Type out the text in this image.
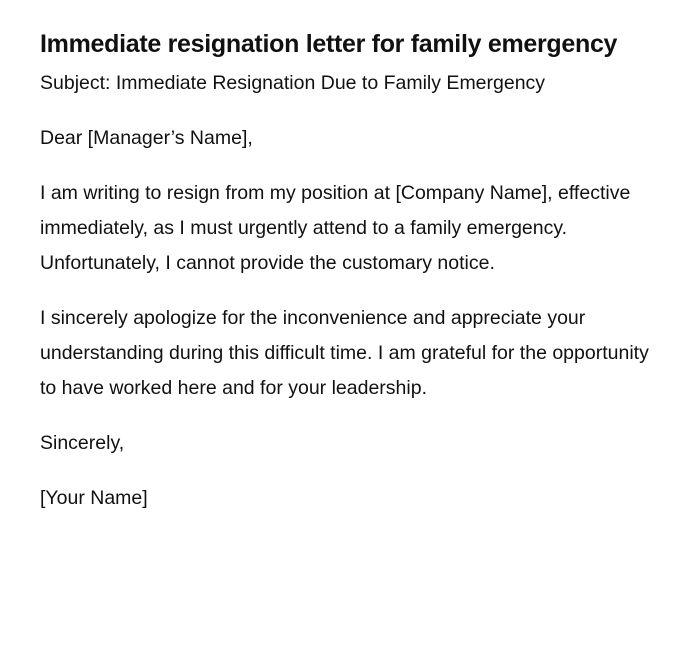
Immediate resignation letter for family emergency

Subject: Immediate Resignation Due to Family Emergency

Dear [Manager’s Name],

I am writing to resign from my position at [Company Name], effective immediately, as I must urgently attend to a family emergency. Unfortunately, I cannot provide the customary notice.

I sincerely apologize for the inconvenience and appreciate your understanding during this difficult time. I am grateful for the opportunity to have worked here and for your leadership.

Sincerely,

[Your Name]
